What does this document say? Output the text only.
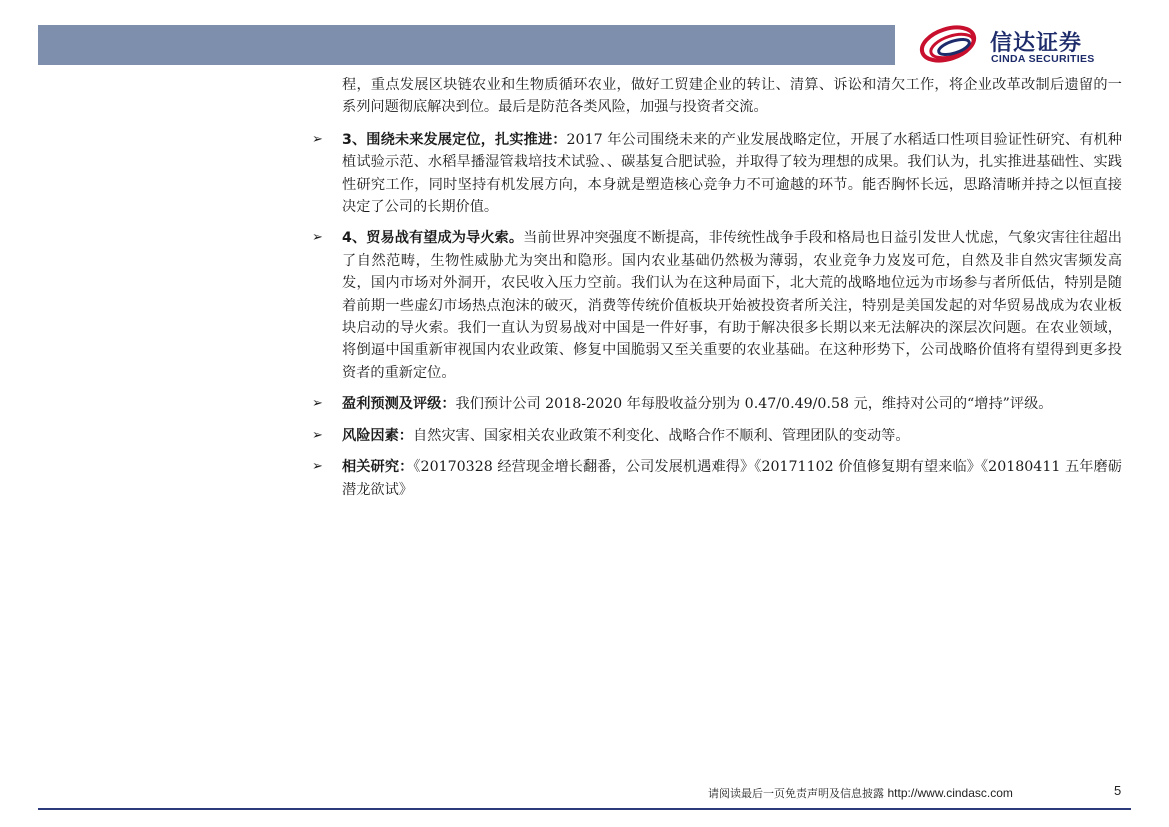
信达证券
CINDA SECURITIES

程，重点发展区块链农业和生物质循环农业，做好工贸建企业的转让、清算、诉讼和清欠工作，将企业改革改制后遗留的一系列问题彻底解决到位。最后是防范各类风险，加强与投资者交流。

➢ 3、围绕未来发展定位，扎实推进：2017 年公司围绕未来的产业发展战略定位，开展了水稻适口性项目验证性研究、有机种植试验示范、水稻旱播湿管栽培技术试验、、碳基复合肥试验，并取得了较为理想的成果。我们认为，扎实推进基础性、实践性研究工作，同时坚持有机发展方向，本身就是塑造核心竞争力不可逾越的环节。能否胸怀长远，思路清晰并持之以恒直接决定了公司的长期价值。

➢ 4、贸易战有望成为导火索。当前世界冲突强度不断提高，非传统性战争手段和格局也日益引发世人忧虑，气象灾害往往超出了自然范畴，生物性威胁尤为突出和隐形。国内农业基础仍然极为薄弱，农业竞争力岌岌可危，自然及非自然灾害频发高发，国内市场对外洞开，农民收入压力空前。我们认为在这种局面下，北大荒的战略地位远为市场参与者所低估，特别是随着前期一些虚幻市场热点泡沫的破灭，消费等传统价值板块开始被投资者所关注，特别是美国发起的对华贸易战成为农业板块启动的导火索。我们一直认为贸易战对中国是一件好事，有助于解决很多长期以来无法解决的深层次问题。在农业领域，将倒逼中国重新审视国内农业政策、修复中国脆弱又至关重要的农业基础。在这种形势下，公司战略价值将有望得到更多投资者的重新定位。

➢ 盈利预测及评级：我们预计公司 2018-2020 年每股收益分别为 0.47/0.49/0.58 元，维持对公司的“增持”评级。

➢ 风险因素：自然灾害、国家相关农业政策不利变化、战略合作不顺利、管理团队的变动等。

➢ 相关研究：《20170328 经营现金增长翻番，公司发展机遇难得》《20171102 价值修复期有望来临》《20180411 五年磨砺 潜龙欲试》

请阅读最后一页免责声明及信息披露 http://www.cindasc.com	5
